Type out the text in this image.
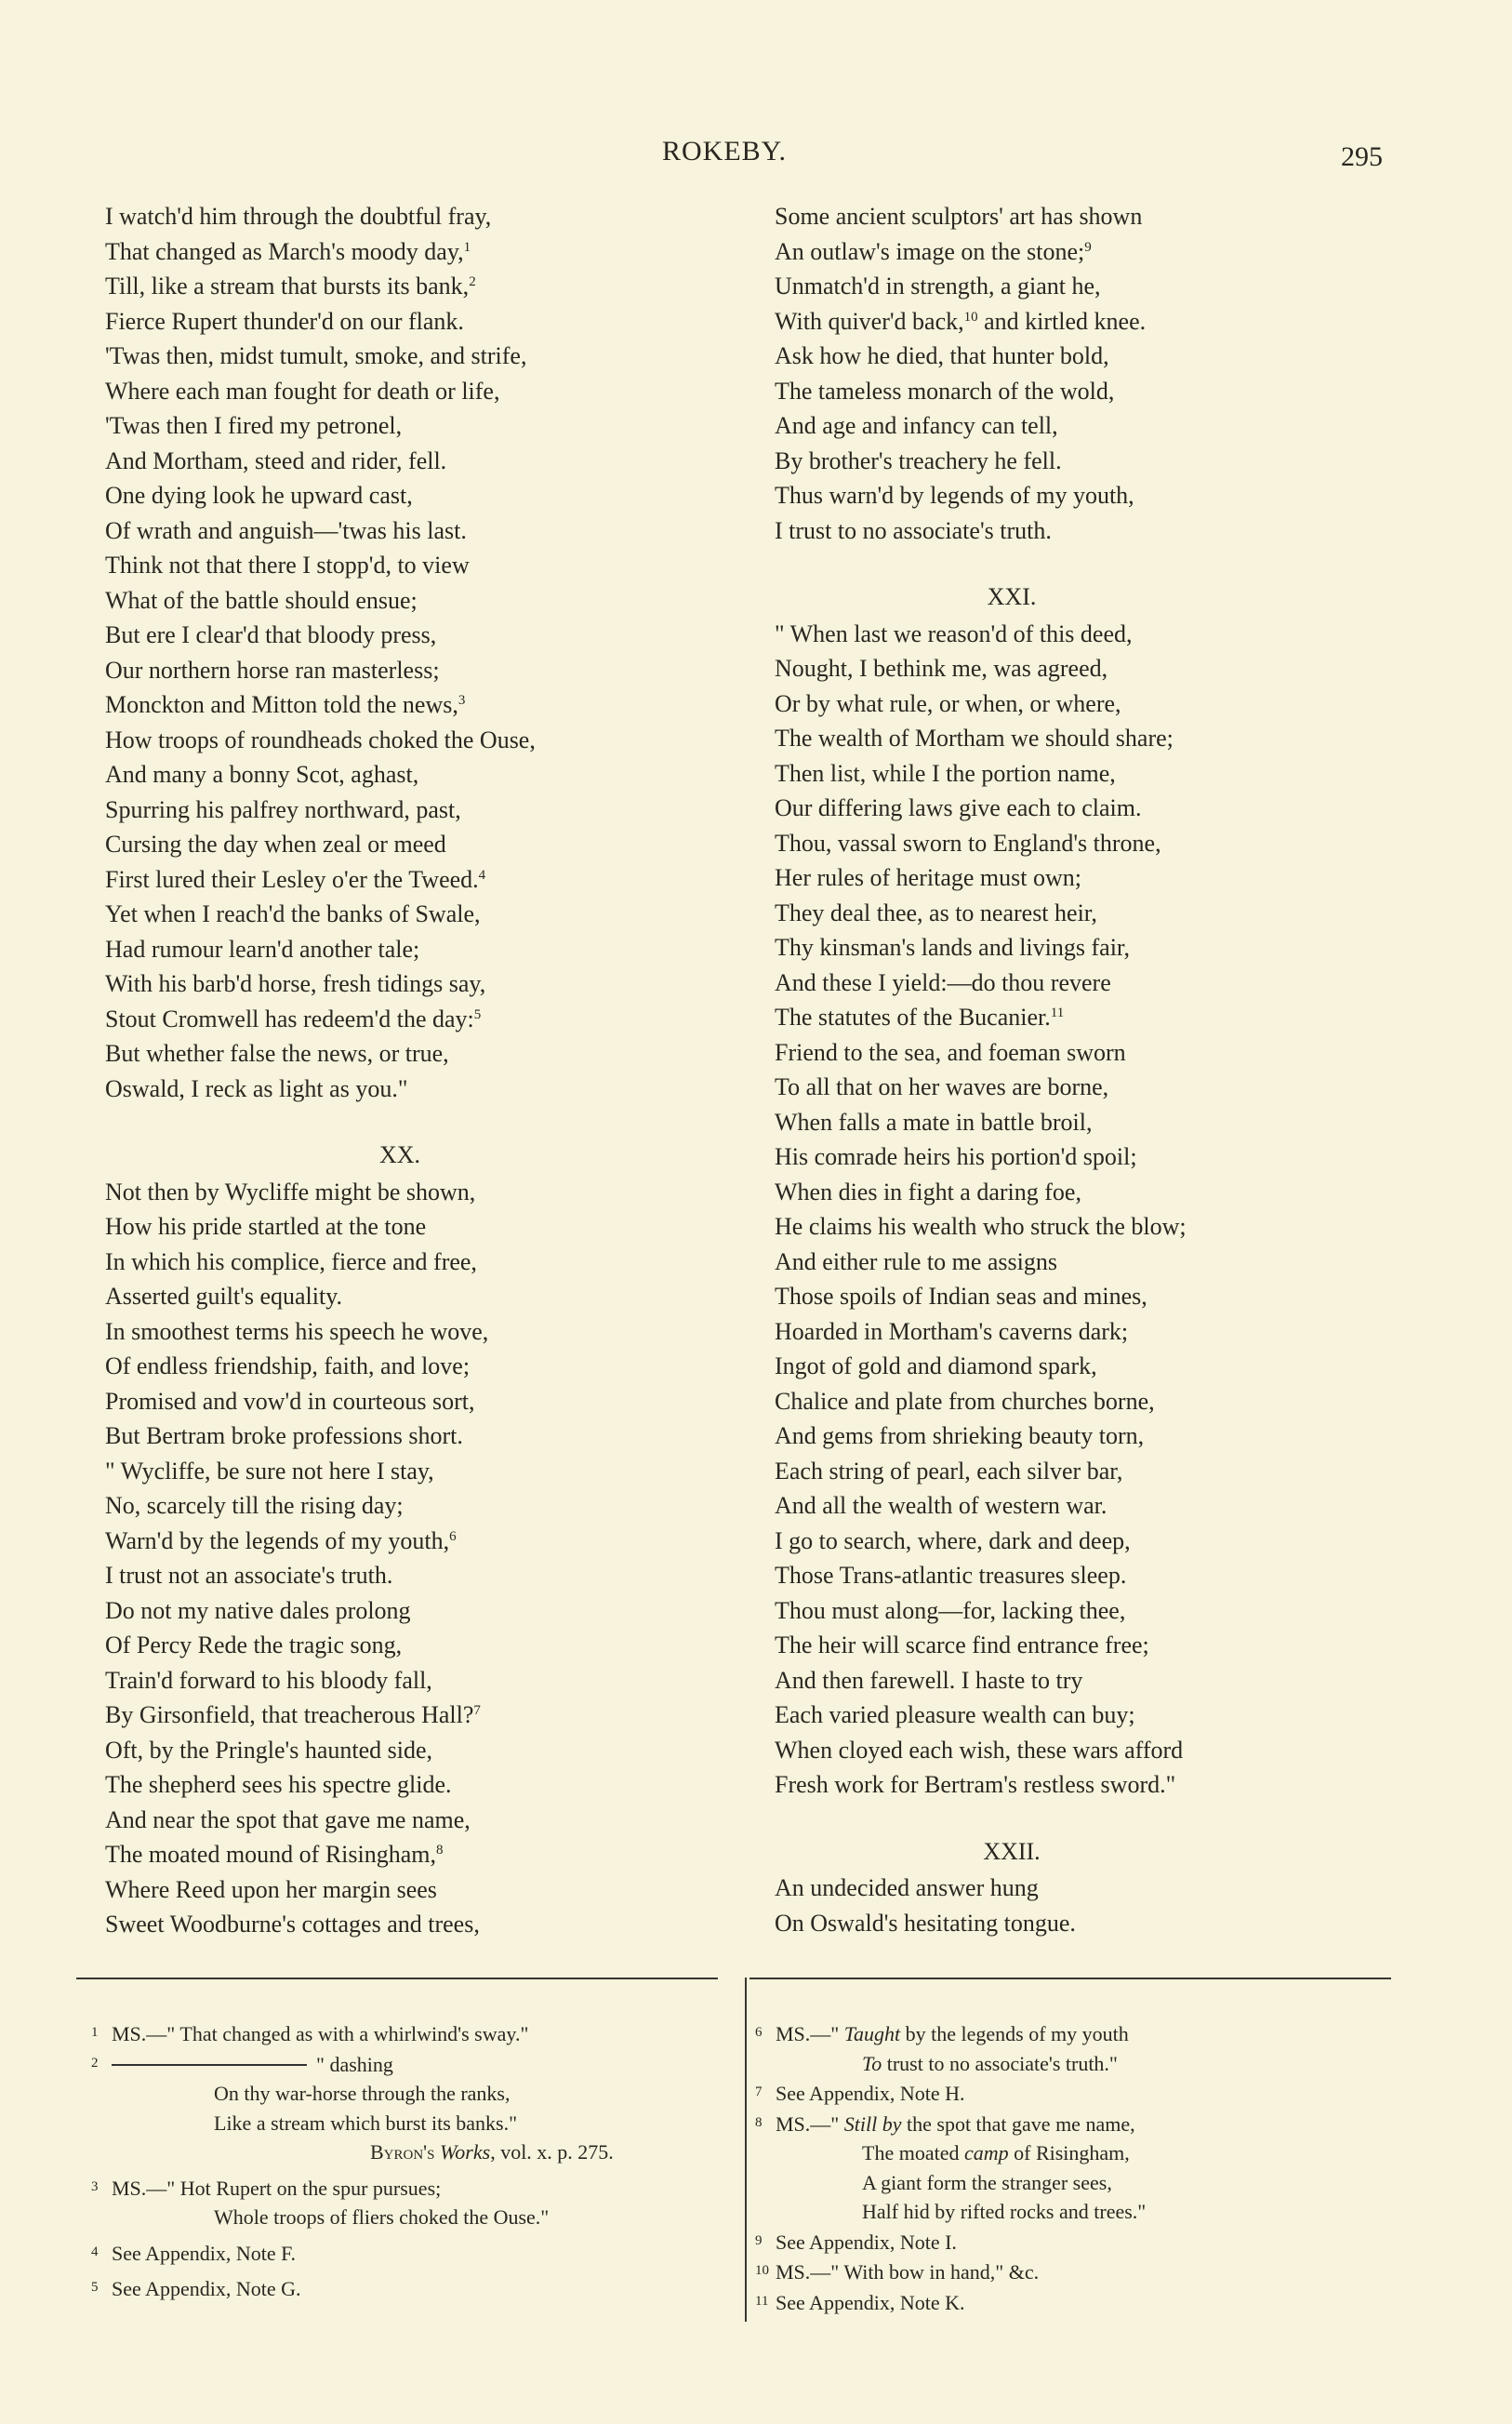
ROKEBY.	295
I watch'd him through the doubtful fray,
That changed as March's moody day,$^1$
Till, like a stream that bursts its bank,$^2$
Fierce Rupert thunder'd on our flank.
'Twas then, midst tumult, smoke, and strife,
Where each man fought for death or life,
'Twas then I fired my petronel,
And Mortham, steed and rider, fell.
One dying look he upward cast,
Of wrath and anguish—'twas his last.
Think not that there I stopp'd, to view
What of the battle should ensue;
But ere I clear'd that bloody press,
Our northern horse ran masterless;
Monckton and Mitton told the news,$^3$
How troops of roundheads choked the Ouse,
And many a bonny Scot, aghast,
Spurring his palfrey northward, past,
Cursing the day when zeal or meed
First lured their Lesley o'er the Tweed.$^4$
Yet when I reach'd the banks of Swale,
Had rumour learn'd another tale;
With his barb'd horse, fresh tidings say,
Stout Cromwell has redeem'd the day:$^5$
But whether false the news, or true,
Oswald, I reck as light as you."
XX.
Not then by Wycliffe might be shown,
How his pride startled at the tone
In which his complice, fierce and free,
Asserted guilt's equality.
In smoothest terms his speech he wove,
Of endless friendship, faith, and love;
Promised and vow'd in courteous sort,
But Bertram broke professions short.
" Wycliffe, be sure not here I stay,
No, scarcely till the rising day;
Warn'd by the legends of my youth,$^6$
I trust not an associate's truth.
Do not my native dales prolong
Of Percy Rede the tragic song,
Train'd forward to his bloody fall,
By Girsonfield, that treacherous Hall?$^7$
Oft, by the Pringle's haunted side,
The shepherd sees his spectre glide.
And near the spot that gave me name,
The moated mound of Risingham,$^8$
Where Reed upon her margin sees
Sweet Woodburne's cottages and trees,
Some ancient sculptors' art has shown
An outlaw's image on the stone;$^9$
Unmatch'd in strength, a giant he,
With quiver'd back,$^{10}$ and kirtled knee.
Ask how he died, that hunter bold,
The tameless monarch of the wold,
And age and infancy can tell,
By brother's treachery he fell.
Thus warn'd by legends of my youth,
I trust to no associate's truth.
XXI.
" When last we reason'd of this deed,
Nought, I bethink me, was agreed,
Or by what rule, or when, or where,
The wealth of Mortham we should share;
Then list, while I the portion name,
Our differing laws give each to claim.
Thou, vassal sworn to England's throne,
Her rules of heritage must own;
They deal thee, as to nearest heir,
Thy kinsman's lands and livings fair,
And these I yield:—do thou revere
The statutes of the Bucanier.$^{11}$
Friend to the sea, and foeman sworn
To all that on her waves are borne,
When falls a mate in battle broil,
His comrade heirs his portion'd spoil;
When dies in fight a daring foe,
He claims his wealth who struck the blow;
And either rule to me assigns
Those spoils of Indian seas and mines,
Hoarded in Mortham's caverns dark;
Ingot of gold and diamond spark,
Chalice and plate from churches borne,
And gems from shrieking beauty torn,
Each string of pearl, each silver bar,
And all the wealth of western war.
I go to search, where, dark and deep,
Those Trans-atlantic treasures sleep.
Thou must along—for, lacking thee,
The heir will scarce find entrance free;
And then farewell. I haste to try
Each varied pleasure wealth can buy;
When cloyed each wish, these wars afford
Fresh work for Bertram's restless sword."
XXII.
An undecided answer hung
On Oswald's hesitating tongue.
1 MS.—" That changed as with a whirlwind's sway."
2	" dashing
On thy war-horse through the ranks,
Like a stream which burst its banks."
Byron's Works, vol. x. p. 275.
3 MS.—" Hot Rupert on the spur pursues;
Whole troops of fliers choked the Ouse."
4 See Appendix, Note F.
5 See Appendix, Note G.
6 MS.—" Taught by the legends of my youth
To trust to no associate's truth."
7 See Appendix, Note H.
8 MS.—" Still by the spot that gave me name,
The moated camp of Risingham,
A giant form the stranger sees,
Half hid by rifted rocks and trees."
9 See Appendix, Note I.
10 MS.—" With bow in hand," &c.
11 See Appendix, Note K.
